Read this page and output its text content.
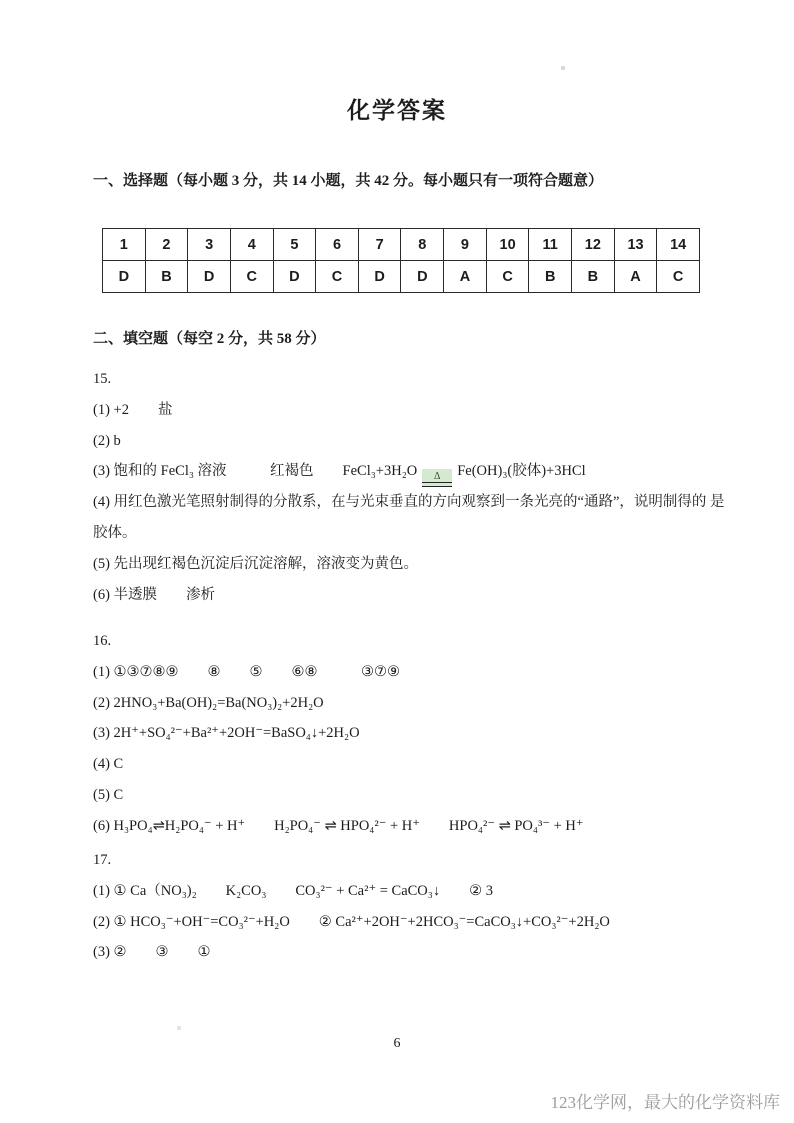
化学答案
一、选择题（每小题 3 分，共 14 小题，共 42 分。每小题只有一项符合题意）
1	2	3	4	5	6	7	8	9	10	11	12	13	14
D	B	D	C	D	C	D	D	A	C	B	B	A	C
二、填空题（每空 2 分，共 58 分）

15.

(1) +2　　盐

(2) b

(3) 饱和的 FeCl₃ 溶液　　　红褐色　　FeCl₃+3H₂O	Δ	Fe(OH)₃(胶体)+3HCl

(4) 用红色激光笔照射制得的分散系，在与光束垂直的方向观察到一条光亮的“通路”，说明制得的 是胶体。

(5) 先出现红褐色沉淀后沉淀溶解，溶液变为黄色。

(6) 半透膜　　渗析

16.

(1) ①③⑦⑧⑨　　⑧　　⑤　　⑥⑧　　　③⑦⑨

(2) 2HNO₃+Ba(OH)₂=Ba(NO₃)₂+2H₂O

(3) 2H⁺+SO₄²⁻+Ba²⁺+2OH⁻=BaSO₄↓+2H₂O

(4) C

(5) C

(6) H₃PO₄⇌H₂PO₄⁻ + H⁺　　H₂PO₄⁻ ⇌ HPO₄²⁻ + H⁺　　HPO₄²⁻ ⇌ PO₄³⁻ + H⁺

17.

(1) ① Ca（NO₃)₂　　K₂CO₃　　CO₃²⁻ + Ca²⁺ = CaCO₃↓　　② 3

(2) ① HCO₃⁻+OH⁻=CO₃²⁻+H₂O　　② Ca²⁺+2OH⁻+2HCO₃⁻=CaCO₃↓+CO₃²⁻+2H₂O

(3) ②　　③　　①

6

123化学网，最大的化学资料库
